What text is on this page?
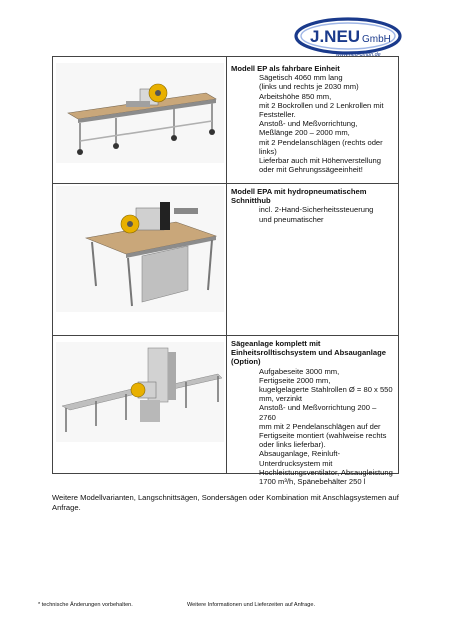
J.NEU GmbH
www.neu-gmbh.de
Modell EP als fahrbare Einheit
Sägetisch 4060 mm lang
(links und rechts je 2030 mm)
Arbeitshöhe 850 mm,
mit 2 Bockrollen und 2 Lenkrollen mit
Feststeller.
Anstoß- und Meßvorrichtung,
Meßlänge 200 – 2000 mm,
mit 2 Pendelanschlägen (rechts oder
links)
Lieferbar auch mit Höhenverstellung
oder mit Gehrungssägeeinheit!
Modell EPA mit hydropneumatischem Schnitthub
incl. 2-Hand-Sicherheitssteuerung
und pneumatischer
Sägeanlage komplett mit Einheitsrolltischsystem und Absauganlage (Option)
Aufgabeseite 3000 mm,
Fertigseite 2000 mm,
kugelgelagerte Stahlrollen Ø = 80 x 550
mm, verzinkt
Anstoß- und Meßvorrichtung 200 – 2760
mm mit 2 Pendelanschlägen auf der
Fertigseite montiert (wahlweise rechts
oder links lieferbar).
Absauganlage, Reinluft-
Unterdrucksystem mit
Hochleistungsventilator, Absaugleistung
1700 m³/h, Spänebehälter 250 l
Weitere Modellvarianten, Langschnittsägen, Sondersägen oder Kombination mit Anschlagsystemen auf Anfrage.
* technische Änderungen vorbehalten.	Weitere Informationen und Lieferzeiten auf Anfrage.
